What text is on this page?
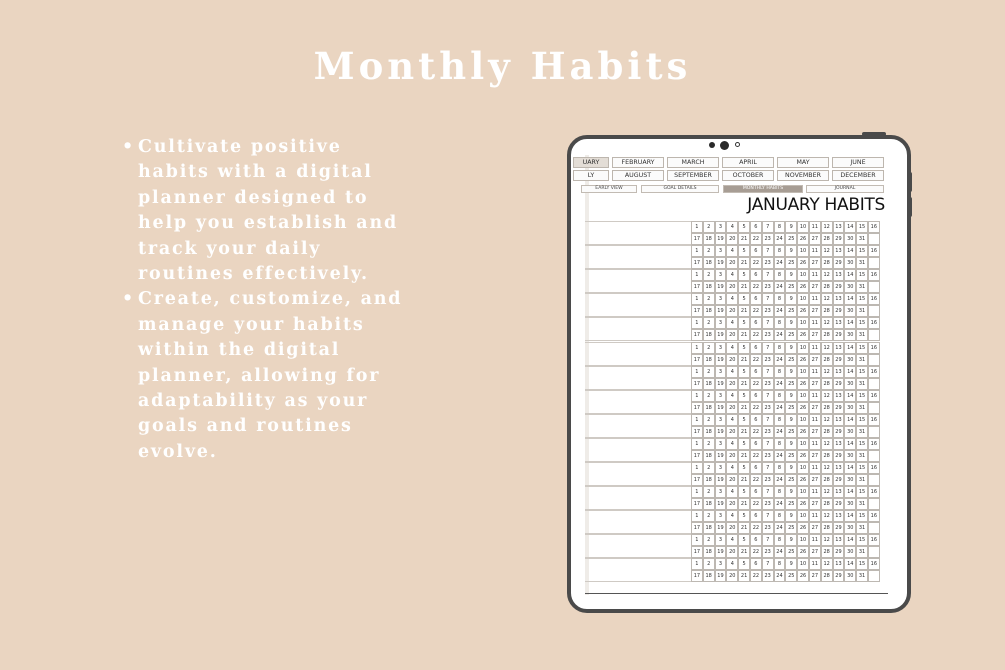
Monthly Habits
• Cultivate positive habits with a digital planner designed to help you establish and track your daily routines effectively.
• Create, customize, and manage your habits within the digital planner, allowing for adaptability as your goals and routines evolve.
UARY	FEBRUARY	MARCH	APRIL	MAY	JUNE
LY	AUGUST	SEPTEMBER	OCTOBER	NOVEMBER	DECEMBER
EARLY VIEW	GOAL DETAILS	MONTHLY HABITS	JOURNAL
JANUARY HABITS
1	2	3	4	5	6	7	8	9	10	11	12	13	14	15	16
17	18	19	20	21	22	23	24	25	26	27	28	29	30	31
1	2	3	4	5	6	7	8	9	10	11	12	13	14	15	16
17	18	19	20	21	22	23	24	25	26	27	28	29	30	31
1	2	3	4	5	6	7	8	9	10	11	12	13	14	15	16
17	18	19	20	21	22	23	24	25	26	27	28	29	30	31
1	2	3	4	5	6	7	8	9	10	11	12	13	14	15	16
17	18	19	20	21	22	23	24	25	26	27	28	29	30	31
1	2	3	4	5	6	7	8	9	10	11	12	13	14	15	16
17	18	19	20	21	22	23	24	25	26	27	28	29	30	31
1	2	3	4	5	6	7	8	9	10	11	12	13	14	15	16
17	18	19	20	21	22	23	24	25	26	27	28	29	30	31
1	2	3	4	5	6	7	8	9	10	11	12	13	14	15	16
17	18	19	20	21	22	23	24	25	26	27	28	29	30	31
1	2	3	4	5	6	7	8	9	10	11	12	13	14	15	16
17	18	19	20	21	22	23	24	25	26	27	28	29	30	31
1	2	3	4	5	6	7	8	9	10	11	12	13	14	15	16
17	18	19	20	21	22	23	24	25	26	27	28	29	30	31
1	2	3	4	5	6	7	8	9	10	11	12	13	14	15	16
17	18	19	20	21	22	23	24	25	26	27	28	29	30	31
1	2	3	4	5	6	7	8	9	10	11	12	13	14	15	16
17	18	19	20	21	22	23	24	25	26	27	28	29	30	31
1	2	3	4	5	6	7	8	9	10	11	12	13	14	15	16
17	18	19	20	21	22	23	24	25	26	27	28	29	30	31
1	2	3	4	5	6	7	8	9	10	11	12	13	14	15	16
17	18	19	20	21	22	23	24	25	26	27	28	29	30	31
1	2	3	4	5	6	7	8	9	10	11	12	13	14	15	16
17	18	19	20	21	22	23	24	25	26	27	28	29	30	31
1	2	3	4	5	6	7	8	9	10	11	12	13	14	15	16
17	18	19	20	21	22	23	24	25	26	27	28	29	30	31
